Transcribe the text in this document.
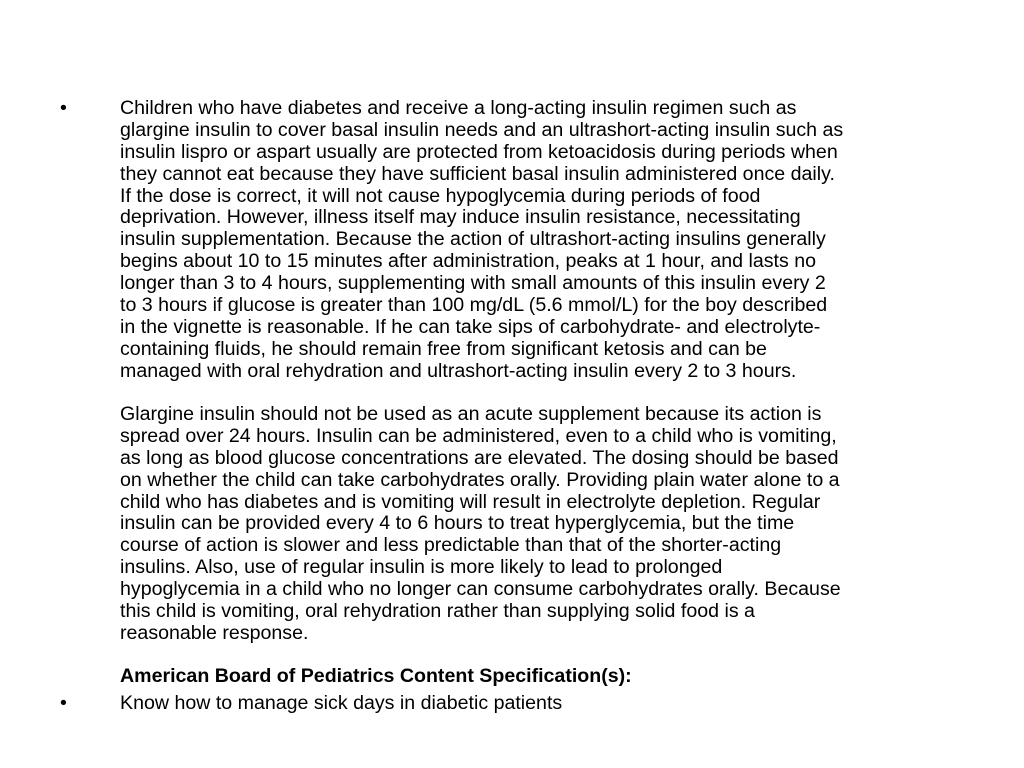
•	Children who have diabetes and receive a long-acting insulin regimen such as
glargine insulin to cover basal insulin needs and an ultrashort-acting insulin such as
insulin lispro or aspart usually are protected from ketoacidosis during periods when
they cannot eat because they have sufficient basal insulin administered once daily.
If the dose is correct, it will not cause hypoglycemia during periods of food
deprivation. However, illness itself may induce insulin resistance, necessitating
insulin supplementation. Because the action of ultrashort-acting insulins generally
begins about 10 to 15 minutes after administration, peaks at 1 hour, and lasts no
longer than 3 to 4 hours, supplementing with small amounts of this insulin every 2
to 3 hours if glucose is greater than 100 mg/dL (5.6 mmol/L) for the boy described
in the vignette is reasonable. If he can take sips of carbohydrate- and electrolyte-
containing fluids, he should remain free from significant ketosis and can be
managed with oral rehydration and ultrashort-acting insulin every 2 to 3 hours.
Glargine insulin should not be used as an acute supplement because its action is
spread over 24 hours. Insulin can be administered, even to a child who is vomiting,
as long as blood glucose concentrations are elevated. The dosing should be based
on whether the child can take carbohydrates orally. Providing plain water alone to a
child who has diabetes and is vomiting will result in electrolyte depletion. Regular
insulin can be provided every 4 to 6 hours to treat hyperglycemia, but the time
course of action is slower and less predictable than that of the shorter-acting
insulins. Also, use of regular insulin is more likely to lead to prolonged
hypoglycemia in a child who no longer can consume carbohydrates orally. Because
this child is vomiting, oral rehydration rather than supplying solid food is a
reasonable response.
American Board of Pediatrics Content Specification(s):
•	Know how to manage sick days in diabetic patients
